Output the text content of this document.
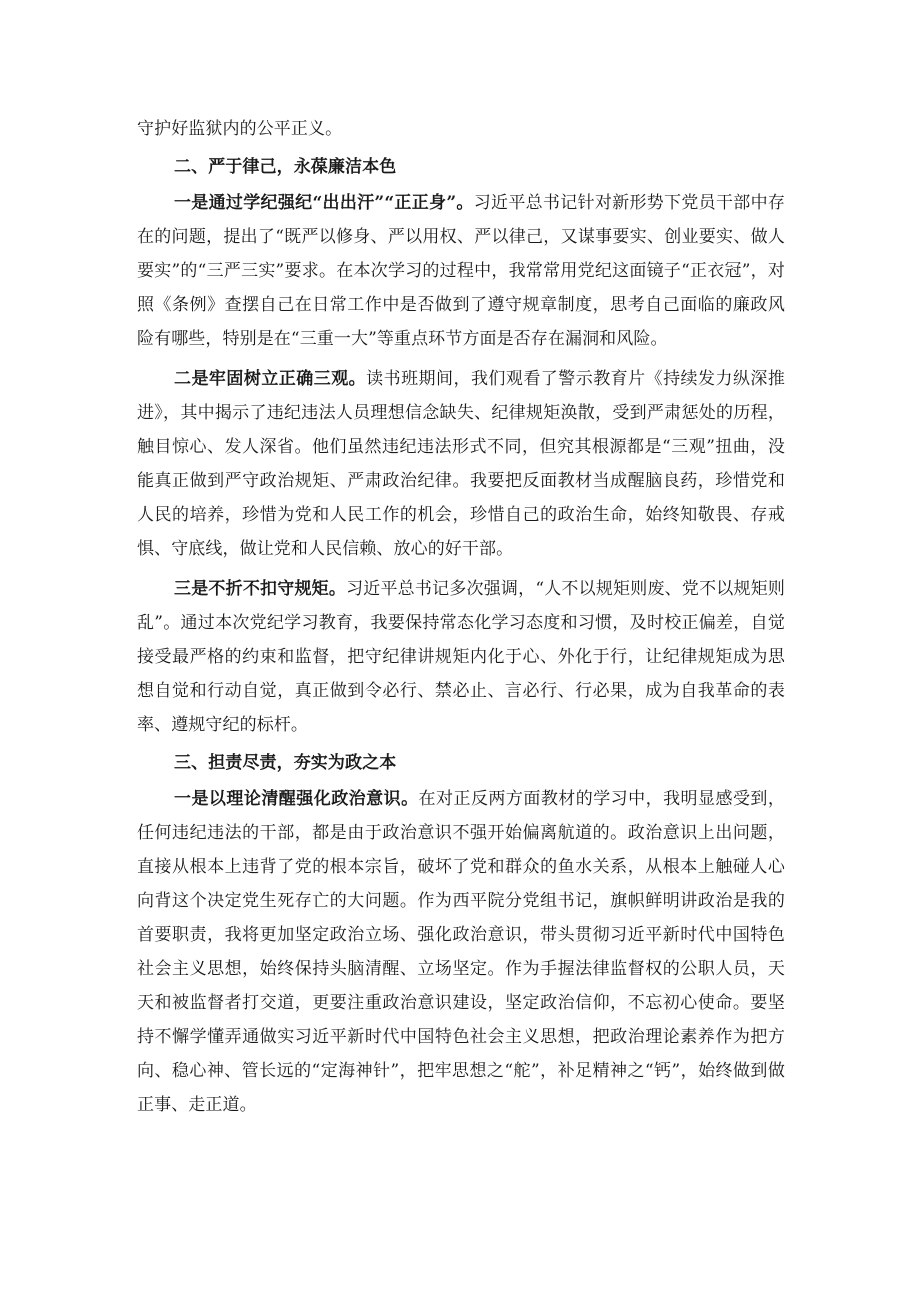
守护好监狱内的公平正义。

二、严于律己，永葆廉洁本色

一是通过学纪强纪“出出汗”“正正身”。习近平总书记针对新形势下党员干部中存在的问题，提出了“既严以修身、严以用权、严以律己，又谋事要实、创业要实、做人要实”的“三严三实”要求。在本次学习的过程中，我常常用党纪这面镜子“正衣冠”，对照《条例》查摆自己在日常工作中是否做到了遵守规章制度，思考自己面临的廉政风险有哪些，特别是在“三重一大”等重点环节方面是否存在漏洞和风险。

二是牢固树立正确三观。读书班期间，我们观看了警示教育片《持续发力纵深推进》，其中揭示了违纪违法人员理想信念缺失、纪律规矩涣散，受到严肃惩处的历程，触目惊心、发人深省。他们虽然违纪违法形式不同，但究其根源都是“三观”扭曲，没能真正做到严守政治规矩、严肃政治纪律。我要把反面教材当成醒脑良药，珍惜党和人民的培养，珍惜为党和人民工作的机会，珍惜自己的政治生命，始终知敬畏、存戒惧、守底线，做让党和人民信赖、放心的好干部。

三是不折不扣守规矩。习近平总书记多次强调，“人不以规矩则废、党不以规矩则乱”。通过本次党纪学习教育，我要保持常态化学习态度和习惯，及时校正偏差，自觉接受最严格的约束和监督，把守纪律讲规矩内化于心、外化于行，让纪律规矩成为思想自觉和行动自觉，真正做到令必行、禁必止、言必行、行必果，成为自我革命的表率、遵规守纪的标杆。

三、担责尽责，夯实为政之本

一是以理论清醒强化政治意识。在对正反两方面教材的学习中，我明显感受到，任何违纪违法的干部，都是由于政治意识不强开始偏离航道的。政治意识上出问题，直接从根本上违背了党的根本宗旨，破坏了党和群众的鱼水关系，从根本上触碰人心向背这个决定党生死存亡的大问题。作为西平院分党组书记，旗帜鲜明讲政治是我的首要职责，我将更加坚定政治立场、强化政治意识，带头贯彻习近平新时代中国特色社会主义思想，始终保持头脑清醒、立场坚定。作为手握法律监督权的公职人员，天天和被监督者打交道，更要注重政治意识建设，坚定政治信仰，不忘初心使命。要坚持不懈学懂弄通做实习近平新时代中国特色社会主义思想，把政治理论素养作为把方向、稳心神、管长远的“定海神针”，把牢思想之“舵”，补足精神之“钙”，始终做到做正事、走正道。
